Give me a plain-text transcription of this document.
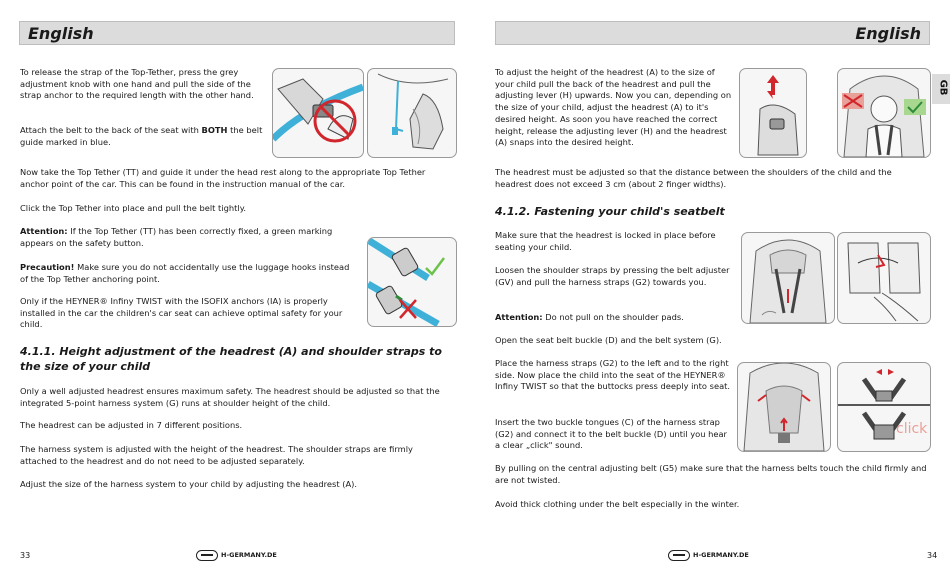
English

To release the strap of the Top-Tether, press the grey adjustment knob with one hand and pull the side of the strap anchor to the required length with the other hand.

Attach the belt to the back of the seat with BOTH the belt guide marked in blue.

Now take the Top Tether (TT) and guide it under the head rest along to the appropriate Top Tether anchor point of the car. This can be found in the instruction manual of the car.

Click the Top Tether into place and pull the belt tightly.

Attention: If the Top Tether (TT) has been correctly fixed, a green marking appears on the safety button.

Precaution! Make sure you do not accidentally use the luggage hooks instead of the Top Tether anchoring point.

Only if the HEYNER® Infiny TWIST with the ISOFIX anchors (IA) is properly installed in the car the children's car seat can achieve optimal safety for your child.

4.1.1. Height adjustment of the headrest (A) and shoulder straps to the size of your child

Only a well adjusted headrest ensures maximum safety. The headrest should be adjusted so that the integrated 5-point harness system (G) runs at shoulder height of the child.

The headrest can be adjusted in 7 different positions.

The harness system is adjusted with the height of the headrest. The shoulder straps are firmly attached to the headrest and do not need to be adjusted separately.

Adjust the size of the harness system to your child by adjusting the headrest (A).

33	H-GERMANY.DE
English

To adjust the height of the headrest (A) to the size of your child pull the back of the headrest and pull the adjusting lever (H) upwards. Now you can, depending on the size of your child, adjust the headrest (A) to it's desired height. As soon you have reached the correct height, release the adjusting lever (H) and the headrest (A) snaps into the desired height.

GB

The headrest must be adjusted so that the distance between the shoulders of the child and the headrest does not exceed 3 cm (about 2 finger widths).

4.1.2. Fastening your child's seatbelt

Make sure that the headrest is locked in place before seating your child.

Loosen the shoulder straps by pressing the belt adjuster (GV) and pull the harness straps (G2) towards you.

Attention: Do not pull on the shoulder pads.

Open the seat belt buckle (D) and the belt system (G).

Place the harness straps (G2) to the left and to the right side. Now place the child into the seat of the HEYNER® Infiny TWIST so that the buttocks press deeply into seat.

Insert the two buckle tongues (C) of the harness strap (G2) and connect it to the belt buckle (D) until you hear a clear „click" sound.

click

By pulling on the central adjusting belt (G5) make sure that the harness belts touch the child firmly and are not twisted.

Avoid thick clothing under the belt especially in the winter.

H-GERMANY.DE	34
